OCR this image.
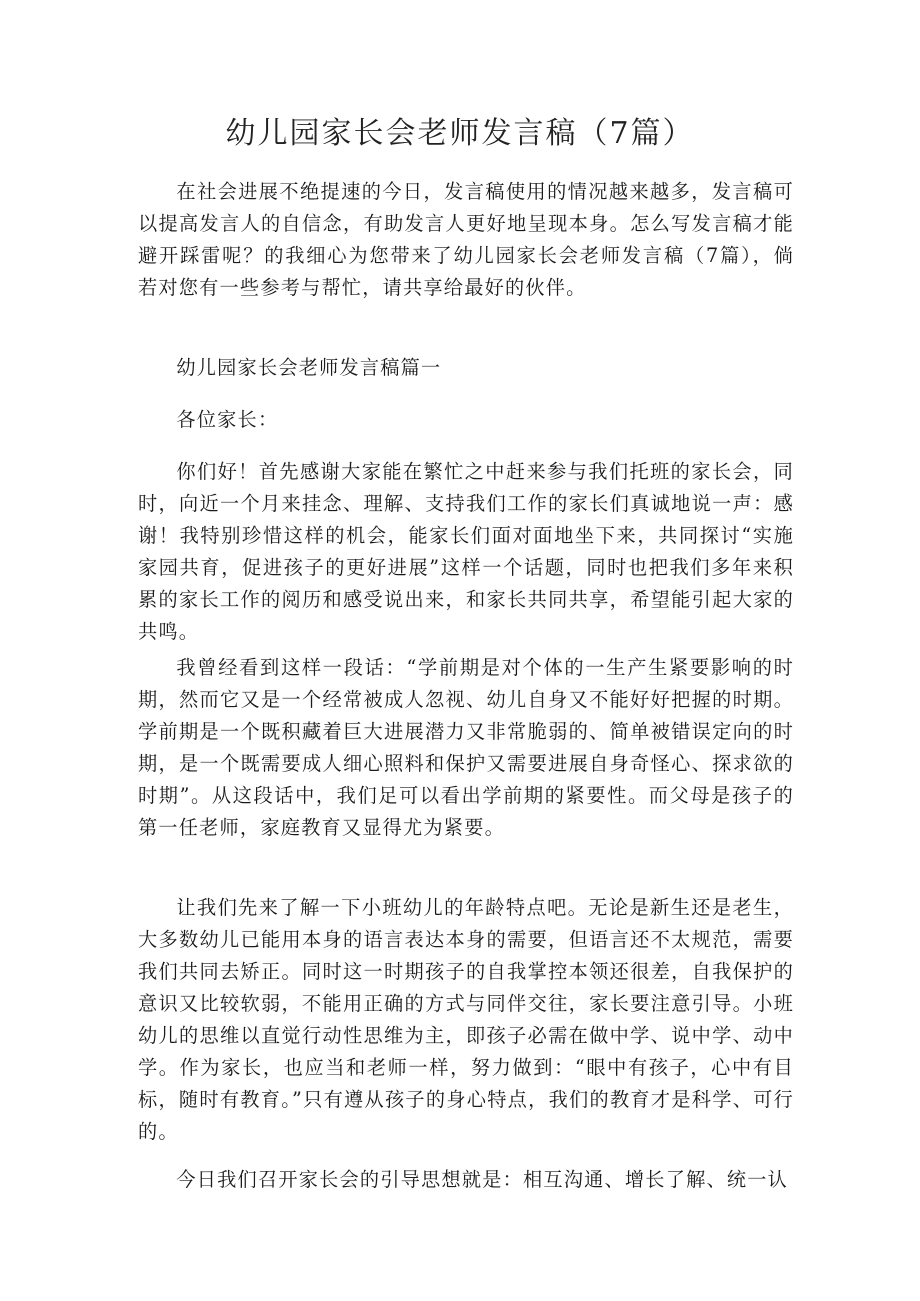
幼儿园家长会老师发言稿（7篇）

在社会进展不绝提速的今日，发言稿使用的情况越来越多，发言稿可以提高发言人的自信念，有助发言人更好地呈现本身。怎么写发言稿才能避开踩雷呢？的我细心为您带来了幼儿园家长会老师发言稿（7篇），倘若对您有一些参考与帮忙，请共享给最好的伙伴。

幼儿园家长会老师发言稿篇一

各位家长：

你们好！首先感谢大家能在繁忙之中赶来参与我们托班的家长会，同时，向近一个月来挂念、理解、支持我们工作的家长们真诚地说一声：感谢！我特别珍惜这样的机会，能家长们面对面地坐下来，共同探讨“实施家园共育，促进孩子的更好进展”这样一个话题，同时也把我们多年来积累的家长工作的阅历和感受说出来，和家长共同共享，希望能引起大家的共鸣。

我曾经看到这样一段话：“学前期是对个体的一生产生紧要影响的时期，然而它又是一个经常被成人忽视、幼儿自身又不能好好把握的时期。学前期是一个既积藏着巨大进展潜力又非常脆弱的、简单被错误定向的时期，是一个既需要成人细心照料和保护又需要进展自身奇怪心、探求欲的时期”。从这段话中，我们足可以看出学前期的紧要性。而父母是孩子的第一任老师，家庭教育又显得尤为紧要。

让我们先来了解一下小班幼儿的年龄特点吧。无论是新生还是老生，大多数幼儿已能用本身的语言表达本身的需要，但语言还不太规范，需要我们共同去矫正。同时这一时期孩子的自我掌控本领还很差，自我保护的意识又比较软弱，不能用正确的方式与同伴交往，家长要注意引导。小班幼儿的思维以直觉行动性思维为主，即孩子必需在做中学、说中学、动中学。作为家长，也应当和老师一样，努力做到：“眼中有孩子，心中有目标，随时有教育。”只有遵从孩子的身心特点，我们的教育才是科学、可行的。

今日我们召开家长会的引导思想就是：相互沟通、增长了解、统一认
